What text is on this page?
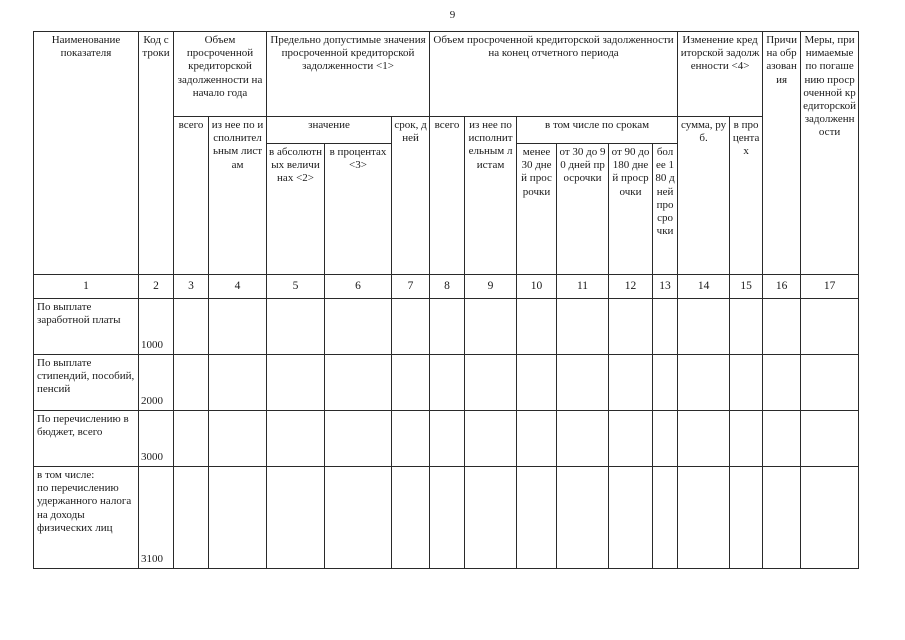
9
Наименование показателя	Код строки	Объем просроченной кредиторской задолженности на начало года		Предельно допустимые значения просроченной кредиторской задолженности <1>			Объем просроченной кредиторской задолженности на конец отчетного периода						Изменение кредиторской задолженности <4>		Причина образования	Меры, принимаемые по погашению просроченной кредиторской задолженности

		всего	из нее по исполнительным листам	значение		срок, дней	всего	из нее по исполнительным листам	в том числе по срокам				сумма, руб.	в процентах		

				в абсолютных величинах <2>	в процентах <3>				менее 30 дней просрочки	от 30 до 90 дней просрочки	от 90 до 180 дней просрочки	более 180 дней просрочки				

1	2	3	4	5	6	7	8	9	10	11	12	13	14	15	16	17

По выплате заработной платы	1000															

По выплате стипендий, пособий, пенсий	2000															

По перечислению в бюджет, всего	3000															

в том числе:
по перечислению удержанного налога на доходы физических лиц	3100															
